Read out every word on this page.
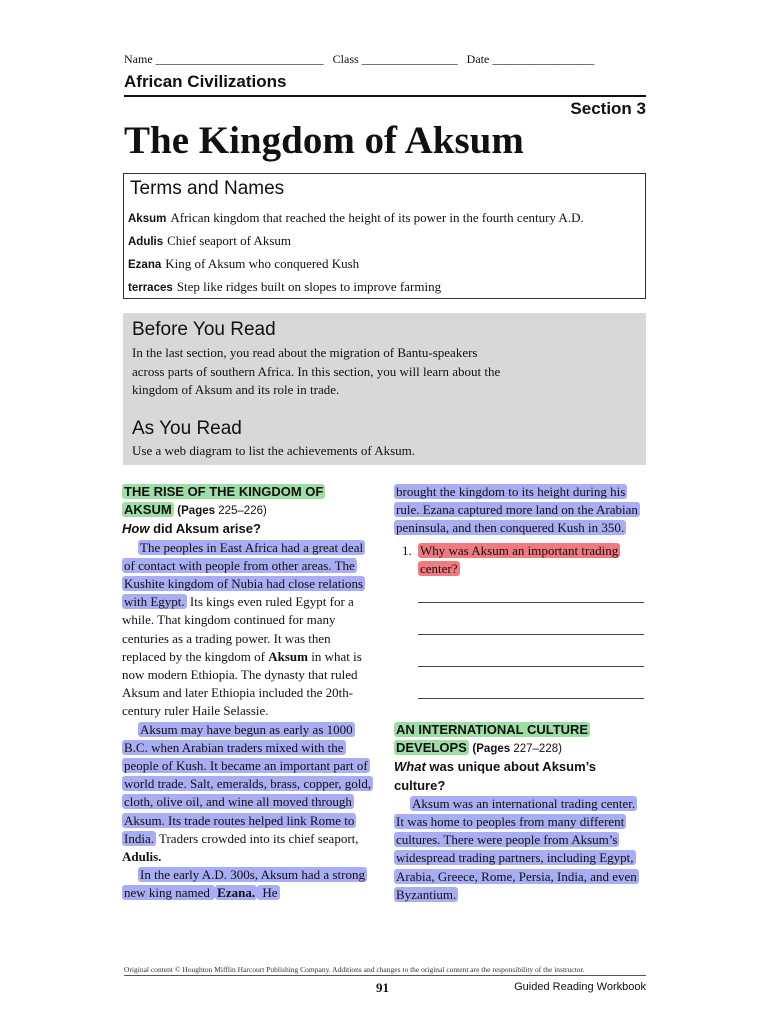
Name ____________________________ Class ________________ Date _________________
African Civilizations
Section 3
The Kingdom of Aksum
Terms and Names
Aksum African kingdom that reached the height of its power in the fourth century A.D.
Adulis Chief seaport of Aksum
Ezana King of Aksum who conquered Kush
terraces Step like ridges built on slopes to improve farming
Before You Read
In the last section, you read about the migration of Bantu-speakers
across parts of southern Africa. In this section, you will learn about the
kingdom of Aksum and its role in trade.
As You Read
Use a web diagram to list the achievements of Aksum.
THE RISE OF THE KINGDOM OF
AKSUM (Pages 225–226)
How did Aksum arise?

The peoples in East Africa had a great deal of contact with people from other areas. The Kushite kingdom of Nubia had close relations with Egypt. Its kings even ruled Egypt for a while. That kingdom continued for many centuries as a trading power. It was then replaced by the kingdom of Aksum in what is now modern Ethiopia. The dynasty that ruled Aksum and later Ethiopia included the 20th-century ruler Haile Selassie.

Aksum may have begun as early as 1000 B.C. when Arabian traders mixed with the people of Kush. It became an important part of world trade. Salt, emeralds, brass, copper, gold, cloth, olive oil, and wine all moved through Aksum. Its trade routes helped link Rome to India. Traders crowded into its chief seaport, Adulis.

In the early A.D. 300s, Aksum had a strong new king named Ezana. He

brought the kingdom to its height during his rule. Ezana captured more land on the Arabian peninsula, and then conquered Kush in 350.

1. Why was Aksum an important trading center?
AN INTERNATIONAL CULTURE
DEVELOPS (Pages 227–228)
What was unique about Aksum’s culture?

Aksum was an international trading center. It was home to peoples from many different cultures. There were people from Aksum’s widespread trading partners, including Egypt, Arabia, Greece, Rome, Persia, India, and even Byzantium.

Original content © Houghton Mifflin Harcourt Publishing Company. Additions and changes to the original content are the responsibility of the instructor.
91	Guided Reading Workbook
